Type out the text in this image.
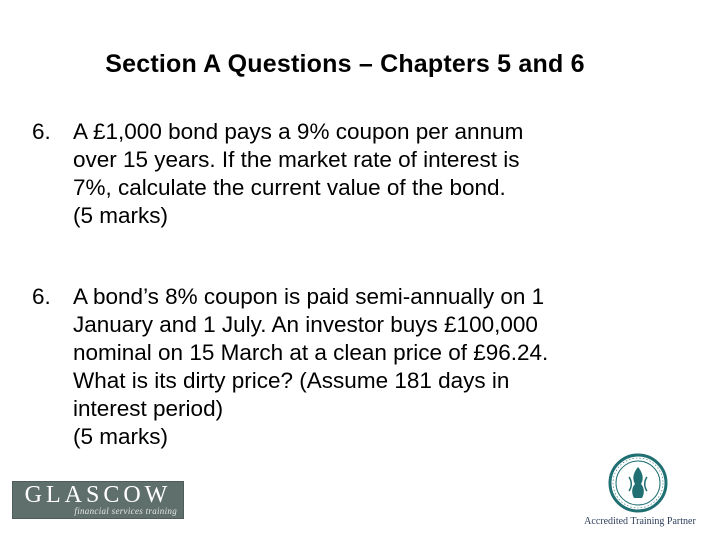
Section A Questions – Chapters 5 and 6
6. A £1,000 bond pays a 9% coupon per annum
over 15 years. If the market rate of interest is
7%, calculate the current value of the bond.
(5 marks)
6. A bond’s 8% coupon is paid semi-annually on 1
January and 1 July. An investor buys £100,000
nominal on 15 March at a clean price of £96.24.
What is its dirty price? (Assume 181 days in
interest period)
(5 marks)
GLASCOW
financial services training
Accredited Training Partner
